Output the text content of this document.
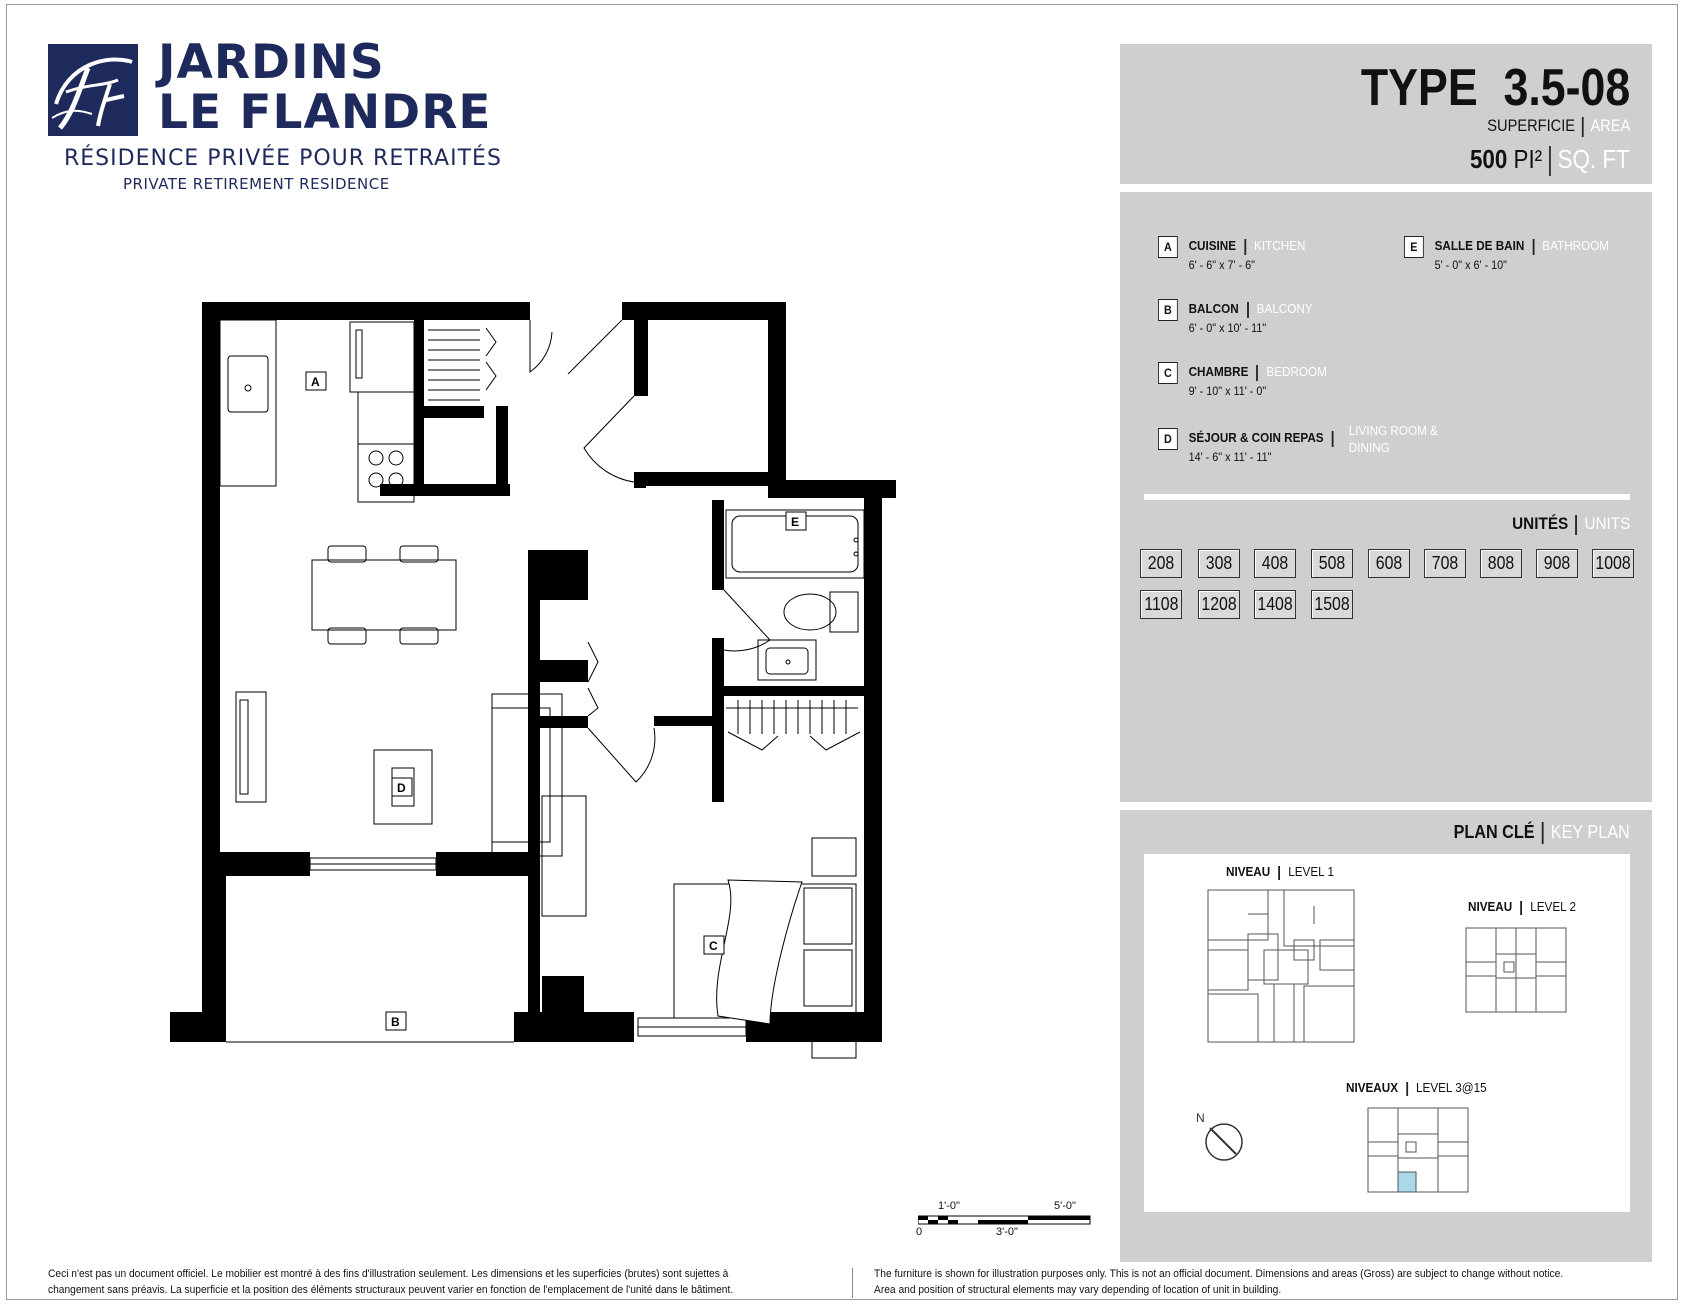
JARDINS
LE FLANDRE
RÉSIDENCE PRIVÉE POUR RETRAITÉS
PRIVATE RETIREMENT RESIDENCE
TYPE 3.5-08
SUPERFICIE AREA
500 PI² SQ. FT
A	CUISINE KITCHEN
6' - 6" x 7' - 6"
B	BALCON BALCONY
6' - 0" x 10' - 11"
C	CHAMBRE BEDROOM
9' - 10" x 11' - 0"
D	SÉJOUR & COIN REPAS	LIVING ROOM &
DINING
14' - 6" x 11' - 11"
E	SALLE DE BAIN BATHROOM
5' - 0" x 6' - 10"
UNITÉS UNITS
208	308	408	508	608	708	808	908	1008
1108 1208 1408 1508
PLAN CLÉ KEY PLAN
NIVEAU LEVEL 1
NIVEAU LEVEL 2
NIVEAUX LEVEL 3@15
N
A
E
D
C
B
1'-0"	5'-0"
0	3'-0"
Ceci n'est pas un document officiel. Le mobilier est montré à des fins d'illustration seulement. Les dimensions et les superficies (brutes) sont sujettes à
changement sans préavis. La superficie et la position des éléments structuraux peuvent varier en fonction de l'emplacement de l'unité dans le bâtiment.
The furniture is shown for illustration purposes only. This is not an official document. Dimensions and areas (Gross) are subject to change without notice.
Area and position of structural elements may vary depending of location of unit in building.
